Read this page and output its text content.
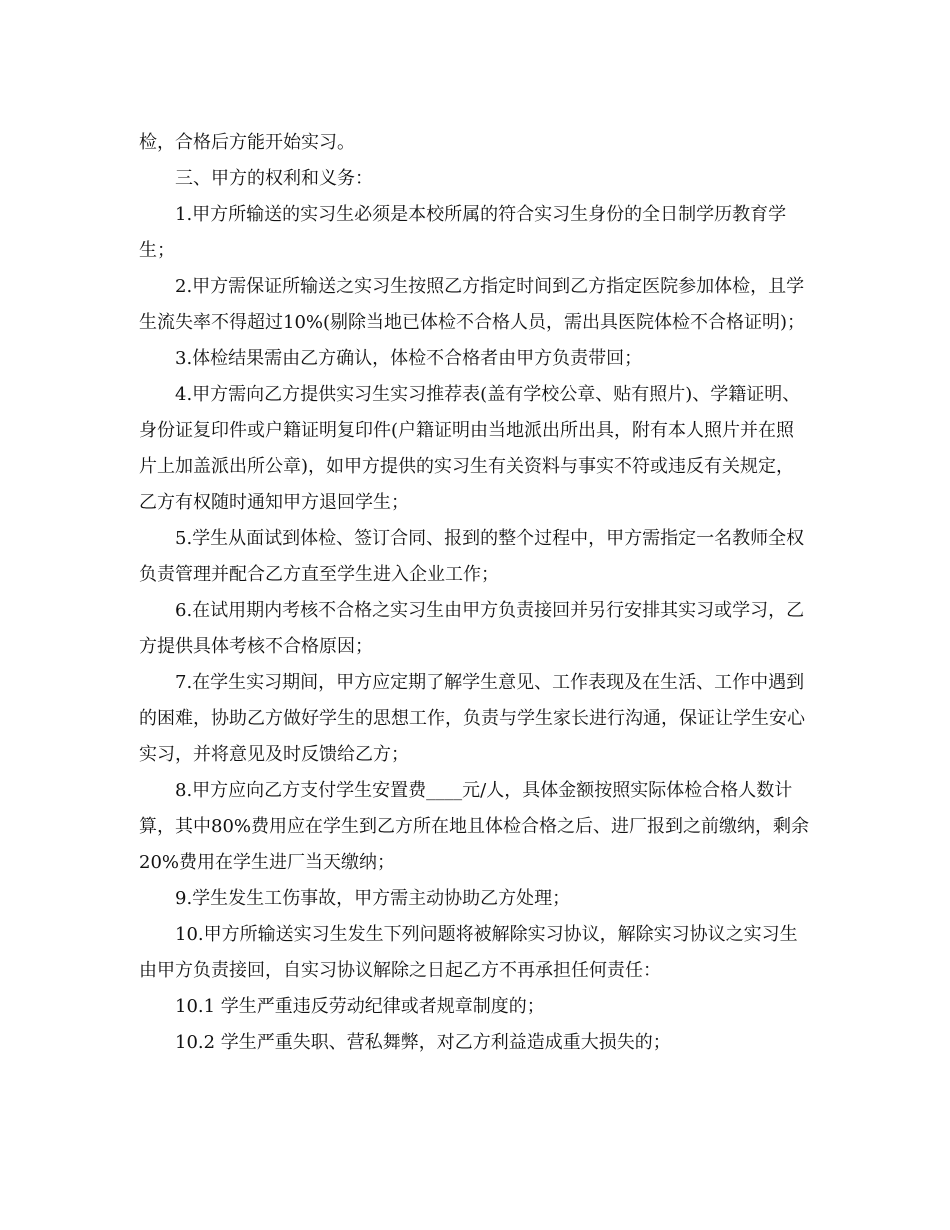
检，合格后方能开始实习。

三、甲方的权利和义务：

1.甲方所输送的实习生必须是本校所属的符合实习生身份的全日制学历教育学生；

2.甲方需保证所输送之实习生按照乙方指定时间到乙方指定医院参加体检，且学生流失率不得超过10%(剔除当地已体检不合格人员，需出具医院体检不合格证明)；

3.体检结果需由乙方确认，体检不合格者由甲方负责带回；

4.甲方需向乙方提供实习生实习推荐表(盖有学校公章、贴有照片)、学籍证明、身份证复印件或户籍证明复印件(户籍证明由当地派出所出具，附有本人照片并在照片上加盖派出所公章)，如甲方提供的实习生有关资料与事实不符或违反有关规定，乙方有权随时通知甲方退回学生；

5.学生从面试到体检、签订合同、报到的整个过程中，甲方需指定一名教师全权负责管理并配合乙方直至学生进入企业工作；

6.在试用期内考核不合格之实习生由甲方负责接回并另行安排其实习或学习，乙方提供具体考核不合格原因；

7.在学生实习期间，甲方应定期了解学生意见、工作表现及在生活、工作中遇到的困难，协助乙方做好学生的思想工作，负责与学生家长进行沟通，保证让学生安心实习，并将意见及时反馈给乙方；

8.甲方应向乙方支付学生安置费____元/人，具体金额按照实际体检合格人数计算，其中80%费用应在学生到乙方所在地且体检合格之后、进厂报到之前缴纳，剩余20%费用在学生进厂当天缴纳；

9.学生发生工伤事故，甲方需主动协助乙方处理；

10.甲方所输送实习生发生下列问题将被解除实习协议，解除实习协议之实习生由甲方负责接回，自实习协议解除之日起乙方不再承担任何责任：

10.1 学生严重违反劳动纪律或者规章制度的；

10.2 学生严重失职、营私舞弊，对乙方利益造成重大损失的；
